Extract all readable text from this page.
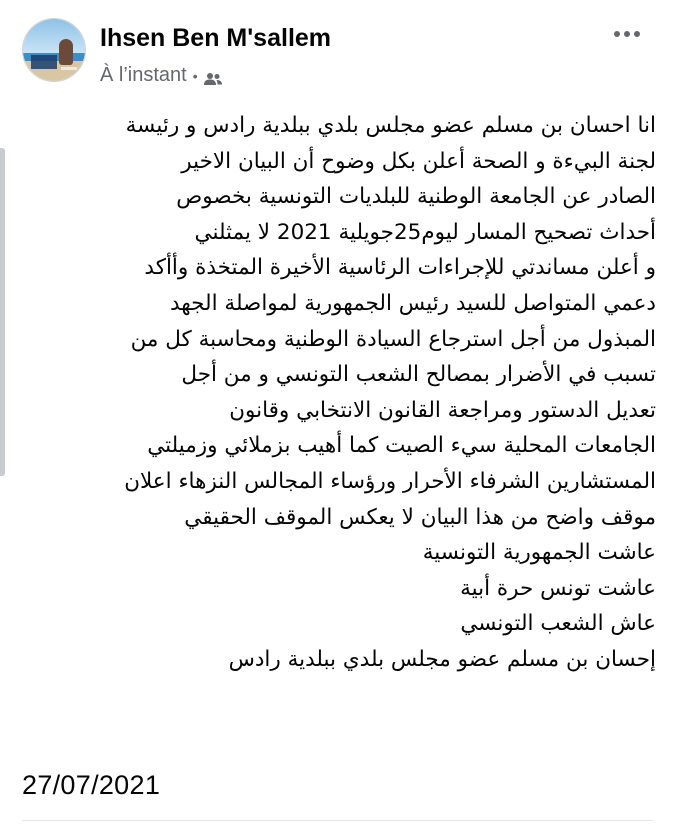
Ihsen Ben M'sallem
À l’instant •
انا احسان بن مسلم عضو مجلس بلدي ببلدية رادس و رئيسة
لجنة البيءة و الصحة أعلن بكل وضوح أن البيان الاخير
الصادر عن الجامعة الوطنية للبلديات التونسية بخصوص
أحداث تصحيح المسار ليوم25جويلية 2021 لا يمثلني
و أعلن مساندتي للإجراءات الرئاسية الأخيرة المتخذة وأأكد
دعمي المتواصل للسيد رئيس الجمهورية لمواصلة الجهد
المبذول من أجل استرجاع السيادة الوطنية ومحاسبة كل من
تسبب في الأضرار بمصالح الشعب التونسي و من أجل
تعديل الدستور ومراجعة القانون الانتخابي وقانون
الجامعات المحلية سيء الصيت كما أهيب بزملائي وزميلتي
المستشارين الشرفاء الأحرار ورؤساء المجالس النزهاء اعلان
موقف واضح من هذا البيان لا يعكس الموقف الحقيقي
عاشت الجمهورية التونسية
عاشت تونس حرة أبية
عاش الشعب التونسي
إحسان بن مسلم عضو مجلس بلدي ببلدية رادس
27/07/2021
